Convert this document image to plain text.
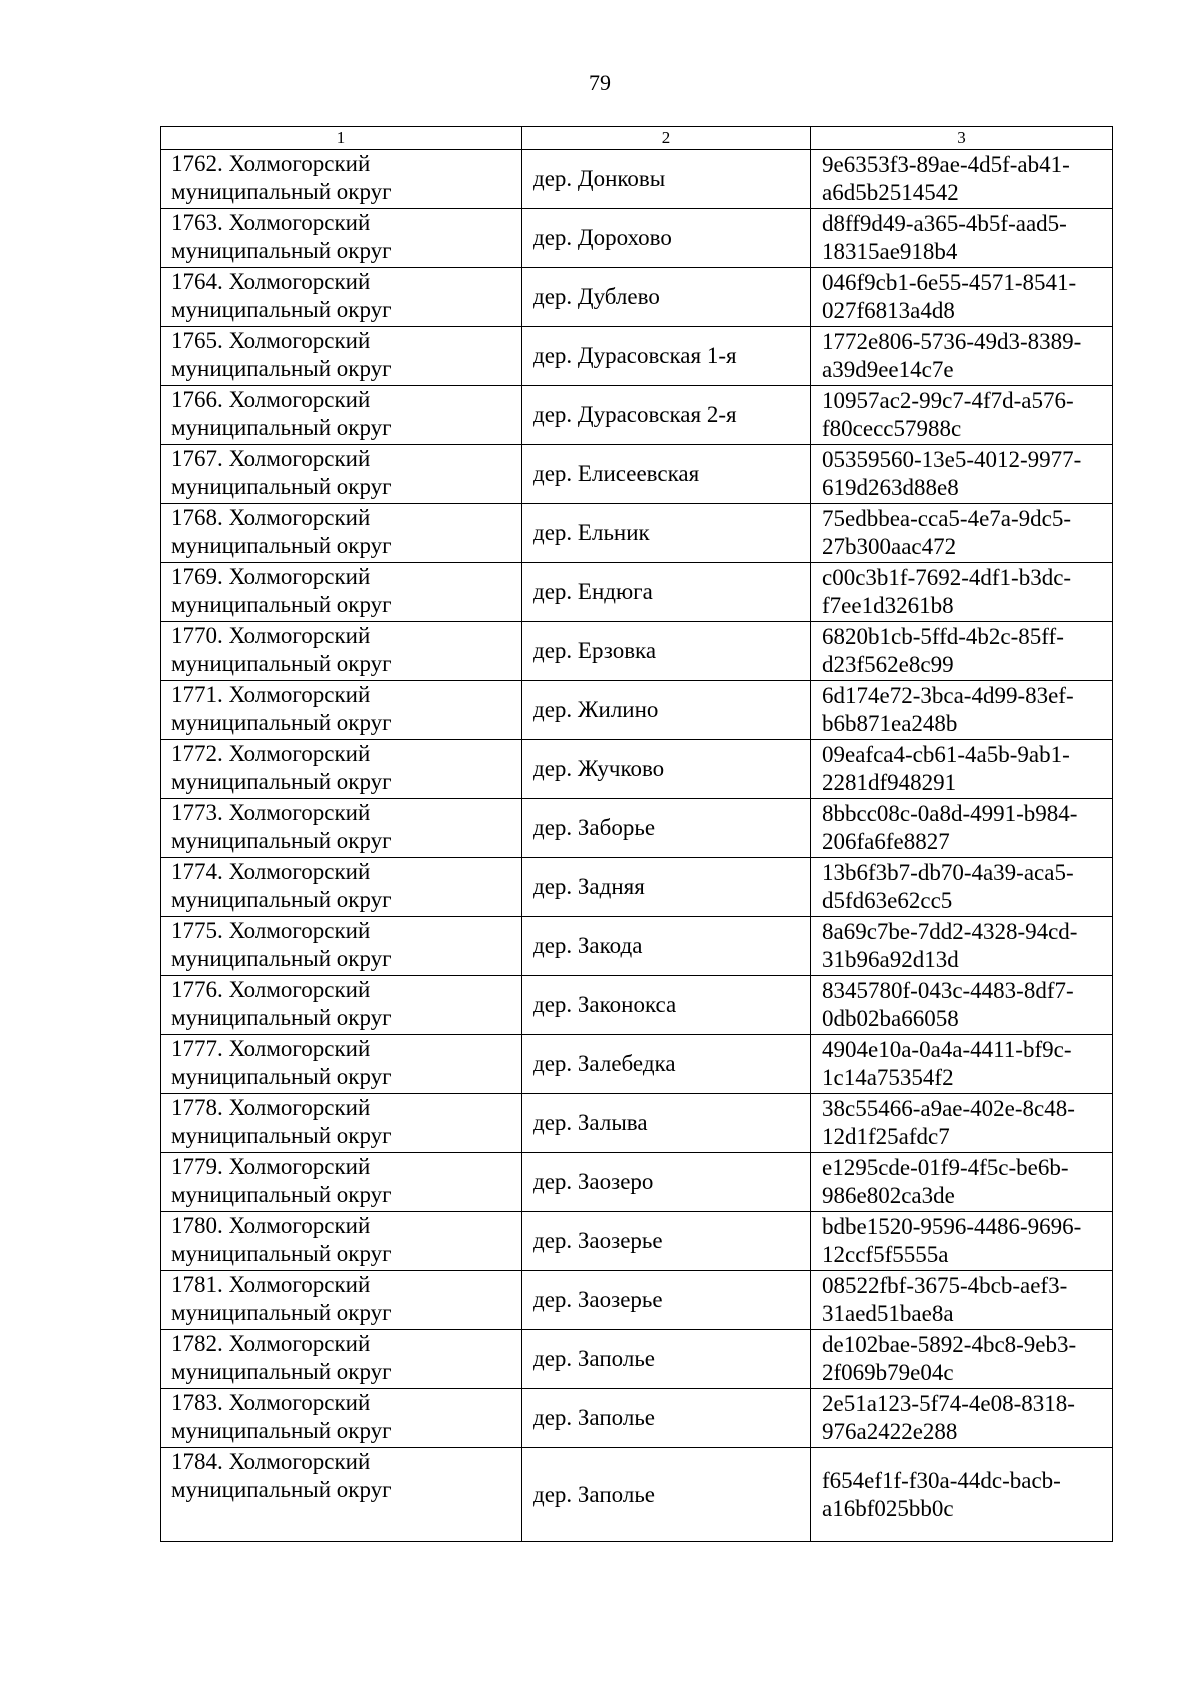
79
1	2	3

1762. Холмогорский
муниципальный округ	дер. Донковы	9e6353f3-89ae-4d5f-ab41-
a6d5b2514542

1763. Холмогорский
муниципальный округ	дер. Дорохово	d8ff9d49-a365-4b5f-aad5-
18315ae918b4

1764. Холмогорский
муниципальный округ	дер. Дублево	046f9cb1-6e55-4571-8541-
027f6813a4d8

1765. Холмогорский
муниципальный округ	дер. Дурасовская 1-я	1772e806-5736-49d3-8389-
a39d9ee14c7e

1766. Холмогорский
муниципальный округ	дер. Дурасовская 2-я	10957ac2-99c7-4f7d-a576-
f80cecc57988c

1767. Холмогорский
муниципальный округ	дер. Елисеевская	05359560-13e5-4012-9977-
619d263d88e8

1768. Холмогорский
муниципальный округ	дер. Ельник	75edbbea-cca5-4e7a-9dc5-
27b300aac472

1769. Холмогорский
муниципальный округ	дер. Ендюга	c00c3b1f-7692-4df1-b3dc-
f7ee1d3261b8

1770. Холмогорский
муниципальный округ	дер. Ерзовка	6820b1cb-5ffd-4b2c-85ff-
d23f562e8c99

1771. Холмогорский
муниципальный округ	дер. Жилино	6d174e72-3bca-4d99-83ef-
b6b871ea248b

1772. Холмогорский
муниципальный округ	дер. Жучково	09eafca4-cb61-4a5b-9ab1-
2281df948291

1773. Холмогорский
муниципальный округ	дер. Заборье	8bbcc08c-0a8d-4991-b984-
206fa6fe8827

1774. Холмогорский
муниципальный округ	дер. Задняя	13b6f3b7-db70-4a39-aca5-
d5fd63e62cc5

1775. Холмогорский
муниципальный округ	дер. Закода	8a69c7be-7dd2-4328-94cd-
31b96a92d13d

1776. Холмогорский
муниципальный округ	дер. Законокса	8345780f-043c-4483-8df7-
0db02ba66058

1777. Холмогорский
муниципальный округ	дер. Залебедка	4904e10a-0a4a-4411-bf9c-
1c14a75354f2

1778. Холмогорский
муниципальный округ	дер. Залыва	38c55466-a9ae-402e-8c48-
12d1f25afdc7

1779. Холмогорский
муниципальный округ	дер. Заозеро	e1295cde-01f9-4f5c-be6b-
986e802ca3de

1780. Холмогорский
муниципальный округ	дер. Заозерье	bdbe1520-9596-4486-9696-
12ccf5f5555a

1781. Холмогорский
муниципальный округ	дер. Заозерье	08522fbf-3675-4bcb-aef3-
31aed51bae8a

1782. Холмогорский
муниципальный округ	дер. Заполье	de102bae-5892-4bc8-9eb3-
2f069b79e04c

1783. Холмогорский
муниципальный округ	дер. Заполье	2e51a123-5f74-4e08-8318-
976a2422e288

1784. Холмогорский
муниципальный округ	дер. Заполье	f654ef1f-f30a-44dc-bacb-
a16bf025bb0c
